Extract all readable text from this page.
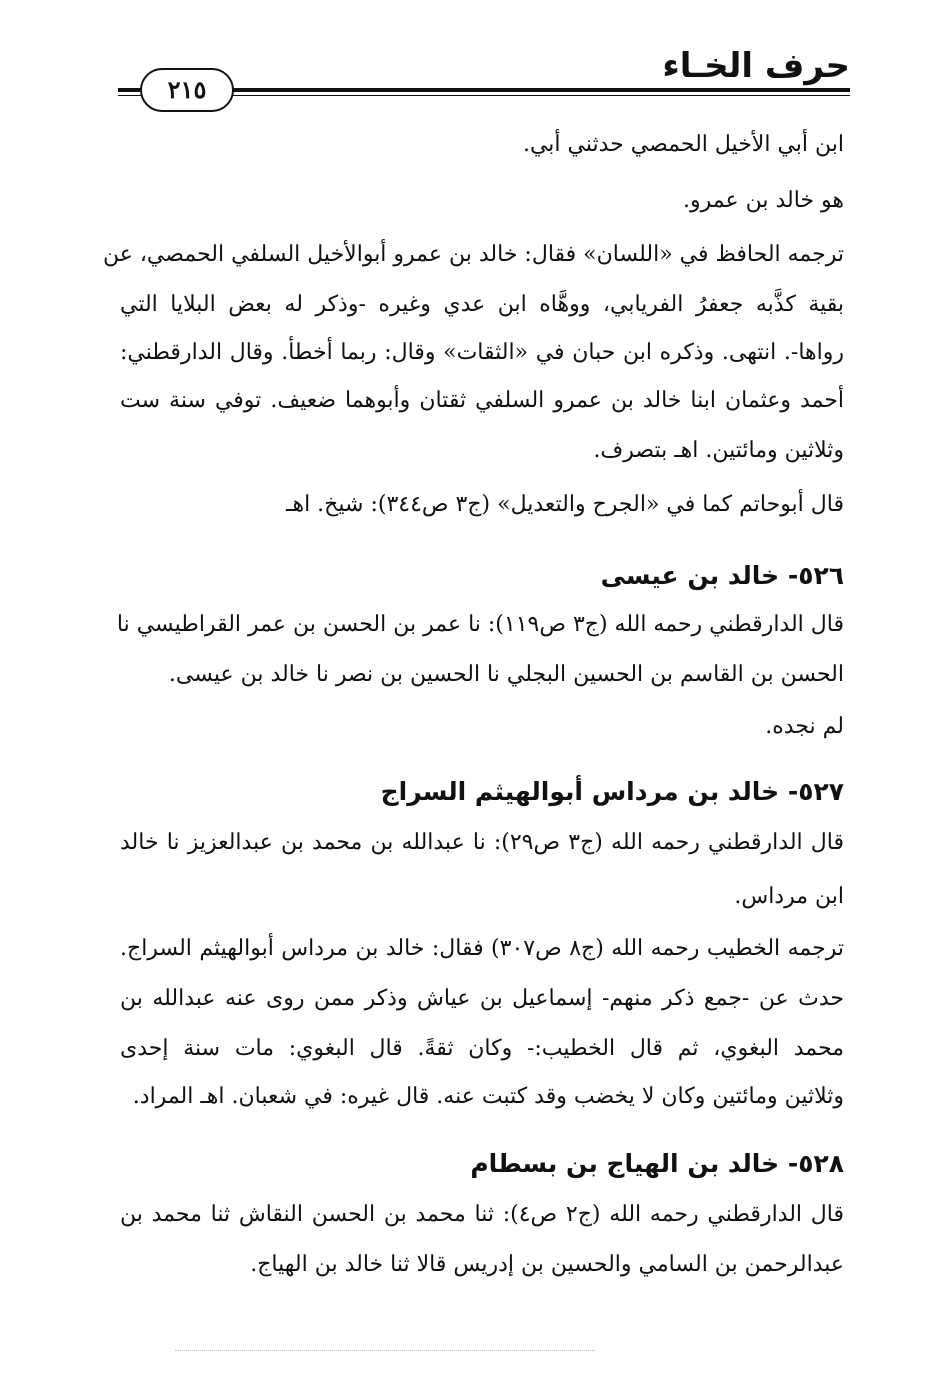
٢١٥
حرف الخـاء
ابن أبي الأخيل الحمصي حدثني أبي.
هو خالد بن عمرو.
ترجمه الحافظ في «اللسان» فقال: خالد بن عمرو أبوالأخيل السلفي الحمصي، عن
بقية كذَّبه جعفرُ الفريابي، ووهَّاه ابن عدي وغيره -وذكر له بعض البلايا التي
رواها-. انتهى. وذكره ابن حبان في «الثقات» وقال: ربما أخطأ. وقال الدارقطني:
أحمد وعثمان ابنا خالد بن عمرو السلفي ثقتان وأبوهما ضعيف. توفي سنة ست
وثلاثين ومائتين. اهـ بتصرف.
قال أبوحاتم كما في «الجرح والتعديل» (ج٣ ص٣٤٤): شيخ. اهـ
٥٢٦- خالد بن عيسى
قال الدارقطني رحمه الله (ج٣ ص١١٩): نا عمر بن الحسن بن عمر القراطيسي نا
الحسن بن القاسم بن الحسين البجلي نا الحسين بن نصر نا خالد بن عيسى.
لم نجده.
٥٢٧- خالد بن مرداس أبوالهيثم السراج
قال الدارقطني رحمه الله (ج٣ ص٢٩): نا عبدالله بن محمد بن عبدالعزيز نا خالد
ابن مرداس.
ترجمه الخطيب رحمه الله (ج٨ ص٣٠٧) فقال: خالد بن مرداس أبوالهيثم السراج.
حدث عن -جمع ذكر منهم- إسماعيل بن عياش وذكر ممن روى عنه عبدالله بن
محمد البغوي، ثم قال الخطيب:- وكان ثقةً. قال البغوي: مات سنة إحدى
وثلاثين ومائتين وكان لا يخضب وقد كتبت عنه. قال غيره: في شعبان. اهـ المراد.
٥٢٨- خالد بن الهياج بن بسطام
قال الدارقطني رحمه الله (ج٢ ص٤): ثنا محمد بن الحسن النقاش ثنا محمد بن
عبدالرحمن بن السامي والحسين بن إدريس قالا ثنا خالد بن الهياج.
